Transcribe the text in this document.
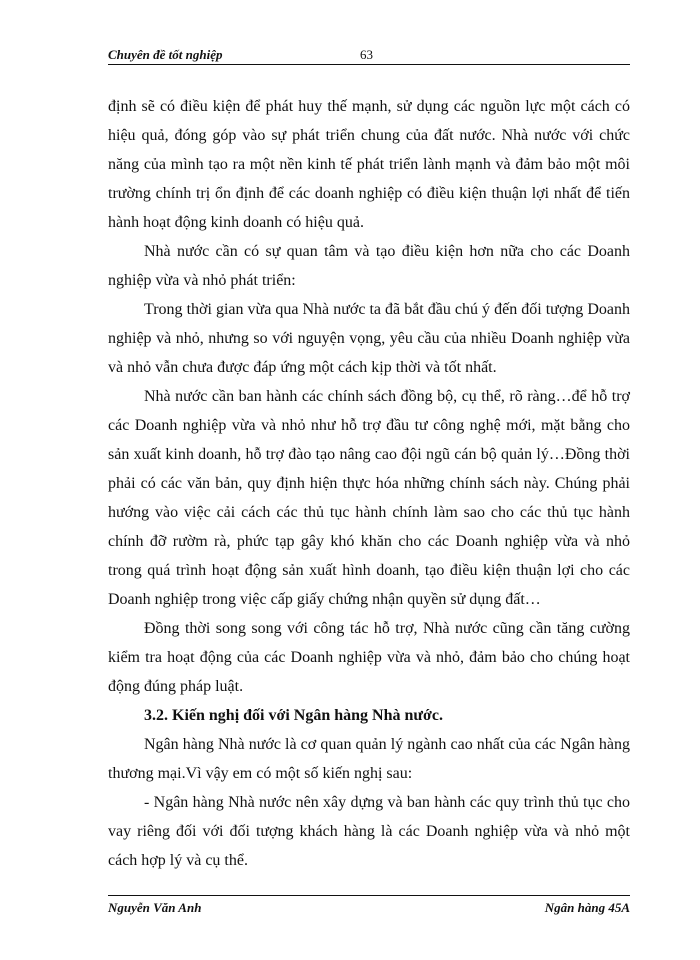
Chuyên đề tốt nghiệp	63

định sẽ có điều kiện để phát huy thế mạnh, sử dụng các nguồn lực một cách có hiệu quả, đóng góp vào sự phát triển chung của đất nước. Nhà nước với chức năng của mình tạo ra một nền kinh tế phát triển lành mạnh và đảm bảo một môi trường chính trị ổn định để các doanh nghiệp có điều kiện thuận lợi nhất để tiến hành hoạt động kinh doanh có hiệu quả.

Nhà nước cần có sự quan tâm và tạo điều kiện hơn nữa cho các Doanh nghiệp vừa và nhỏ phát triển:

Trong thời gian vừa qua Nhà nước ta đã bắt đầu chú ý đến đối tượng Doanh nghiệp và nhỏ, nhưng so với nguyện vọng, yêu cầu của nhiều Doanh nghiệp vừa và nhỏ vẫn chưa được đáp ứng một cách kịp thời và tốt nhất.

Nhà nước cần ban hành các chính sách đồng bộ, cụ thể, rõ ràng…để hỗ trợ các Doanh nghiệp vừa và nhỏ như hỗ trợ đầu tư công nghệ mới, mặt bằng cho sản xuất kinh doanh, hỗ trợ đào tạo nâng cao đội ngũ cán bộ quản lý…Đồng thời phải có các văn bản, quy định hiện thực hóa những chính sách này. Chúng phải hướng vào việc cải cách các thủ tục hành chính làm sao cho các thủ tục hành chính đỡ rườm rà, phức tạp gây khó khăn cho các Doanh nghiệp vừa và nhỏ trong quá trình hoạt động sản xuất hình doanh, tạo điều kiện thuận lợi cho các Doanh nghiệp trong việc cấp giấy chứng nhận quyền sử dụng đất…

Đồng thời song song với công tác hỗ trợ, Nhà nước cũng cần tăng cường kiểm tra hoạt động của các Doanh nghiệp vừa và nhỏ, đảm bảo cho chúng hoạt động đúng pháp luật.

3.2. Kiến nghị đối với Ngân hàng Nhà nước.

Ngân hàng Nhà nước là cơ quan quản lý ngành cao nhất của các Ngân hàng thương mại.Vì vậy em có một số kiến nghị sau:

- Ngân hàng Nhà nước nên xây dựng và ban hành các quy trình thủ tục cho vay riêng đối với đối tượng khách hàng là các Doanh nghiệp vừa và nhỏ một cách hợp lý và cụ thể.

Nguyễn Văn Anh	Ngân hàng 45A
